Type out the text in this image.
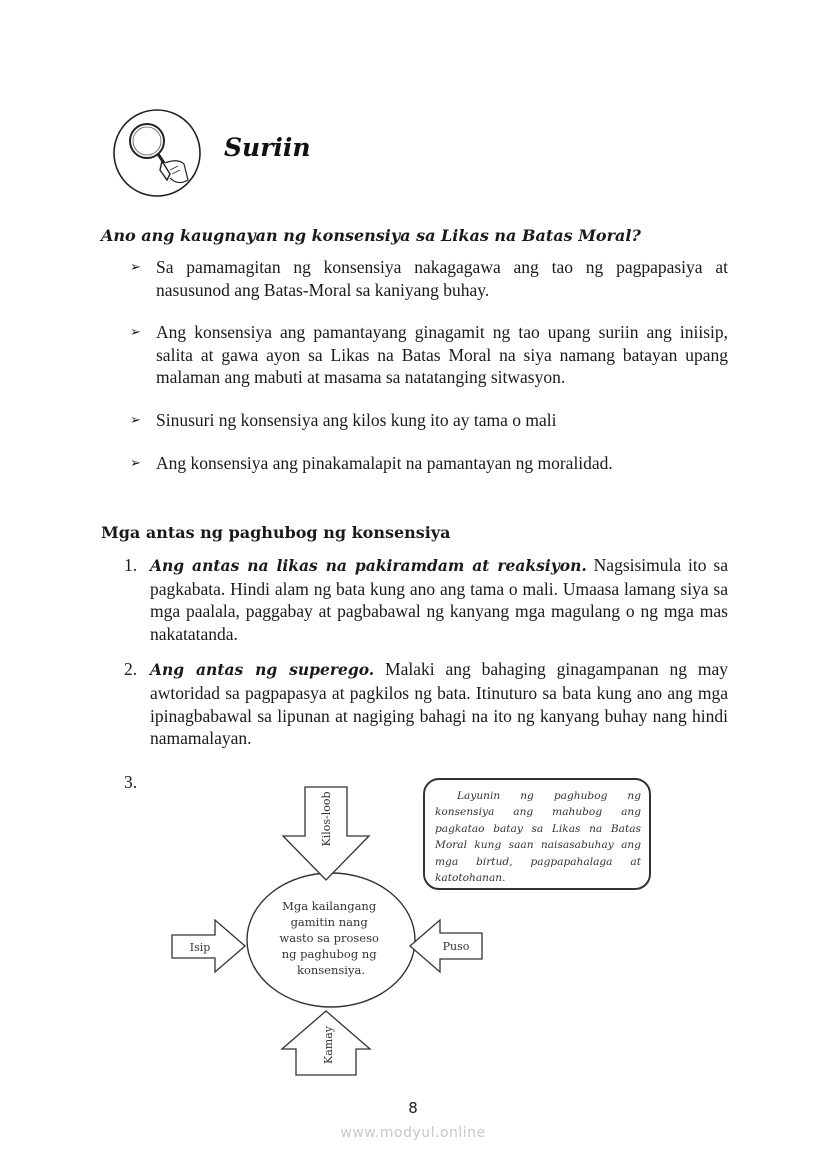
Suriin
Ano ang kaugnayan ng konsensiya sa Likas na Batas Moral?
➢ Sa pamamagitan ng konsensiya nakagagawa ang tao ng pagpapasiya at nasusunod ang Batas-Moral sa kaniyang buhay.
➢ Ang konsensiya ang pamantayang ginagamit ng tao upang suriin ang iniisip, salita at gawa ayon sa Likas na Batas Moral na siya namang batayan upang malaman ang mabuti at masama sa natatanging sitwasyon.
➢ Sinusuri ng konsensiya ang kilos kung ito ay tama o mali
➢ Ang konsensiya ang pinakamalapit na pamantayan ng moralidad.
Mga antas ng paghubog ng konsensiya
1. Ang antas na likas na pakiramdam at reaksiyon. Nagsisimula ito sa pagkabata. Hindi alam ng bata kung ano ang tama o mali. Umaasa lamang siya sa mga paalala, paggabay at pagbabawal ng kanyang mga magulang o ng mga mas nakatatanda.
2. Ang antas ng superego. Malaki ang bahaging ginagampanan ng may awtoridad sa pagpapasya at pagkilos ng bata. Itinuturo sa bata kung ano ang mga ipinagbabawal sa lipunan at nagiging bahagi na ito ng kanyang buhay nang hindi namamalayan.
3.
Mga kailangang gamitin nang wasto sa proseso ng paghubog ng konsensiya.
Kilos-loob
Isip	Puso
Kamay
Layunin ng paghubog ng konsensiya ang mahubog ang pagkatao batay sa Likas na Batas Moral kung saan naisasabuhay ang mga birtud, pagpapahalaga at katotohanan.
8
www.modyul.online
